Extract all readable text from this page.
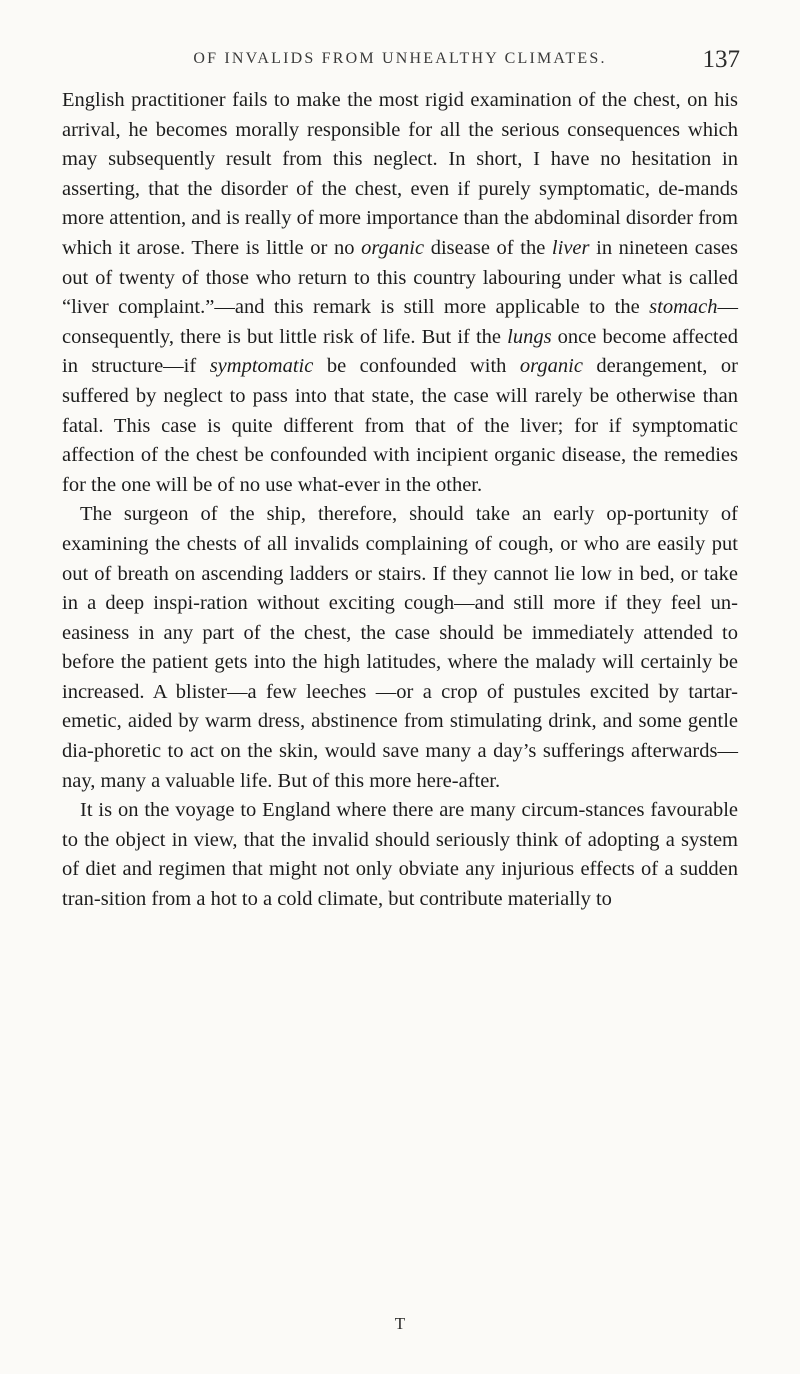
OF INVALIDS FROM UNHEALTHY CLIMATES.	137

English practitioner fails to make the most rigid examination of the chest, on his arrival, he becomes morally responsible for all the serious consequences which may subsequently result from this neglect. In short, I have no hesitation in asserting, that the disorder of the chest, even if purely symptomatic, de-mands more attention, and is really of more importance than the abdominal disorder from which it arose. There is little or no organic disease of the liver in nineteen cases out of twenty of those who return to this country labouring under what is called “liver complaint.”—and this remark is still more applicable to the stomach—consequently, there is but little risk of life. But if the lungs once become affected in structure—if symptomatic be confounded with organic derangement, or suffered by neglect to pass into that state, the case will rarely be otherwise than fatal. This case is quite different from that of the liver; for if symptomatic affection of the chest be confounded with incipient organic disease, the remedies for the one will be of no use what-ever in the other.

The surgeon of the ship, therefore, should take an early op-portunity of examining the chests of all invalids complaining of cough, or who are easily put out of breath on ascending ladders or stairs. If they cannot lie low in bed, or take in a deep inspi-ration without exciting cough—and still more if they feel un-easiness in any part of the chest, the case should be immediately attended to before the patient gets into the high latitudes, where the malady will certainly be increased. A blister—a few leeches —or a crop of pustules excited by tartar-emetic, aided by warm dress, abstinence from stimulating drink, and some gentle dia-phoretic to act on the skin, would save many a day’s sufferings afterwards—nay, many a valuable life. But of this more here-after.

It is on the voyage to England where there are many circum-stances favourable to the object in view, that the invalid should seriously think of adopting a system of diet and regimen that might not only obviate any injurious effects of a sudden tran-sition from a hot to a cold climate, but contribute materially to

T
